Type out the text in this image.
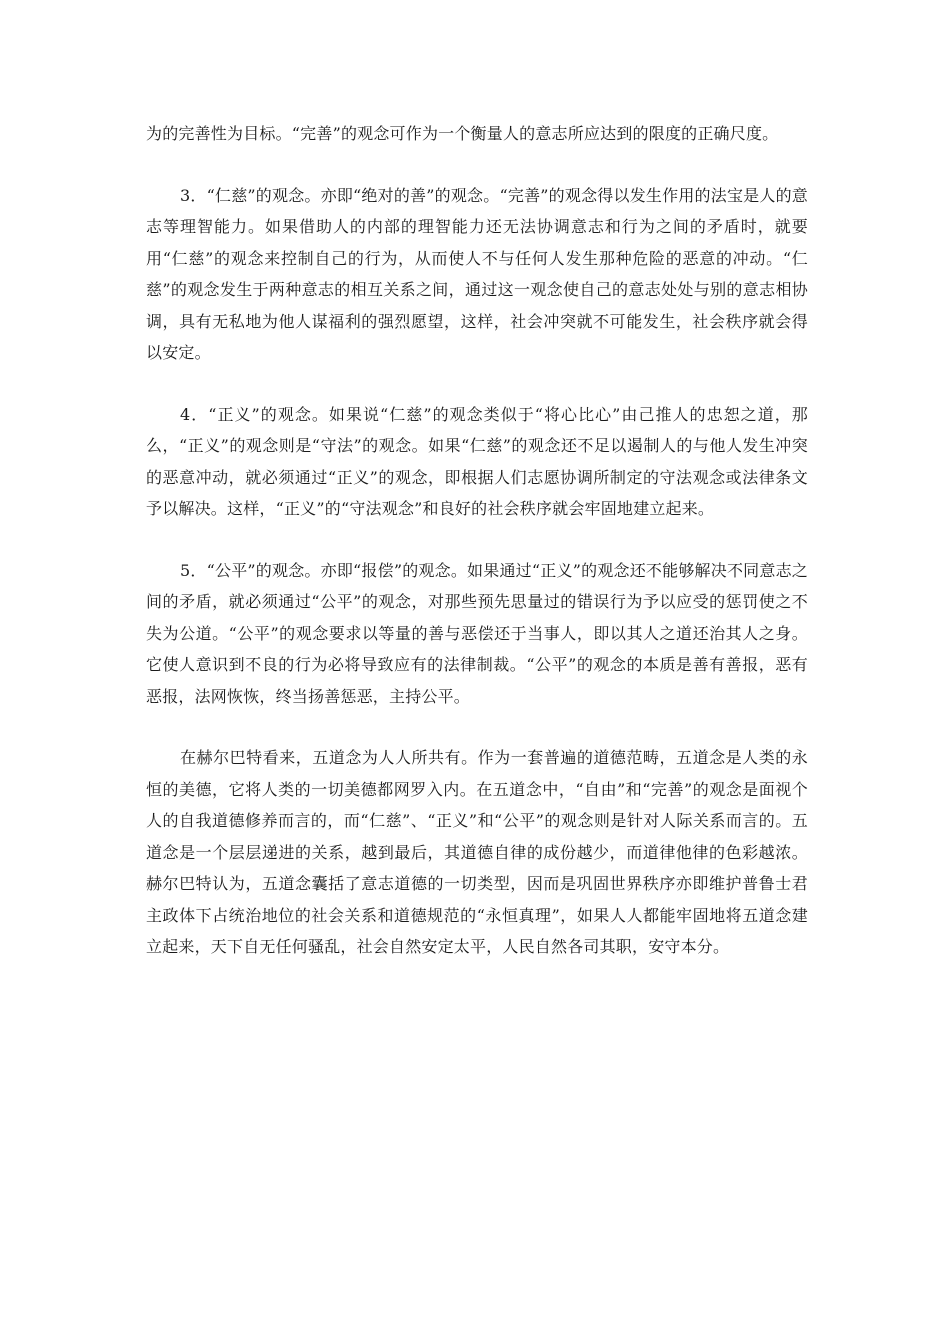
为的完善性为目标。“完善”的观念可作为一个衡量人的意志所应达到的限度的正确尺度。

3．“仁慈”的观念。亦即“绝对的善”的观念。“完善”的观念得以发生作用的法宝是人的意志等理智能力。如果借助人的内部的理智能力还无法协调意志和行为之间的矛盾时，就要用“仁慈”的观念来控制自己的行为，从而使人不与任何人发生那种危险的恶意的冲动。“仁慈”的观念发生于两种意志的相互关系之间，通过这一观念使自己的意志处处与别的意志相协调，具有无私地为他人谋福利的强烈愿望，这样，社会冲突就不可能发生，社会秩序就会得以安定。

4．“正义”的观念。如果说“仁慈”的观念类似于“将心比心”由己推人的忠恕之道，那么，“正义”的观念则是“守法”的观念。如果“仁慈”的观念还不足以遏制人的与他人发生冲突的恶意冲动，就必须通过“正义”的观念，即根据人们志愿协调所制定的守法观念或法律条文予以解决。这样，“正义”的“守法观念”和良好的社会秩序就会牢固地建立起来。

5．“公平”的观念。亦即“报偿”的观念。如果通过“正义”的观念还不能够解决不同意志之间的矛盾，就必须通过“公平”的观念，对那些预先思量过的错误行为予以应受的惩罚使之不失为公道。“公平”的观念要求以等量的善与恶偿还于当事人，即以其人之道还治其人之身。它使人意识到不良的行为必将导致应有的法律制裁。“公平”的观念的本质是善有善报，恶有恶报，法网恢恢，终当扬善惩恶，主持公平。

在赫尔巴特看来，五道念为人人所共有。作为一套普遍的道德范畴，五道念是人类的永恒的美德，它将人类的一切美德都网罗入内。在五道念中，“自由”和“完善”的观念是面视个人的自我道德修养而言的，而“仁慈”、“正义”和“公平”的观念则是针对人际关系而言的。五道念是一个层层递进的关系，越到最后，其道德自律的成份越少，而道律他律的色彩越浓。赫尔巴特认为，五道念囊括了意志道德的一切类型，因而是巩固世界秩序亦即维护普鲁士君主政体下占统治地位的社会关系和道德规范的“永恒真理”，如果人人都能牢固地将五道念建立起来，天下自无任何骚乱，社会自然安定太平，人民自然各司其职，安守本分。
